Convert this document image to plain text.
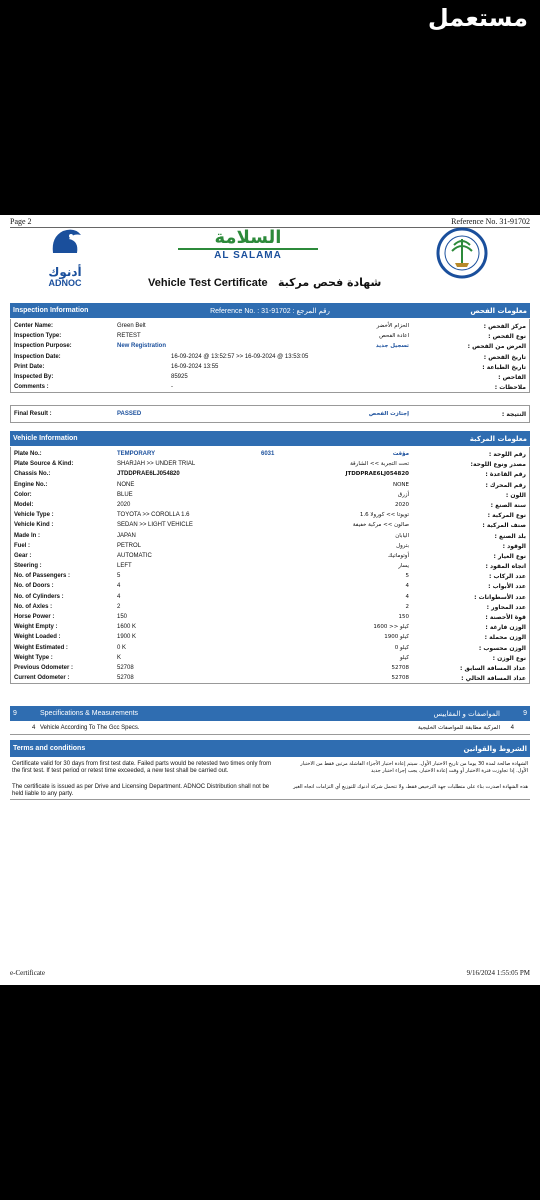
مستعمل
Page 2	Reference No. 31-91702
أدنوك
ADNOC
السلامة
AL SALAMA
Vehicle Test Certificate شهادة فحص مركبة
Inspection Information	Reference No. : 31-91702 : رقم المرجع	معلومات الفحص
Center Name:	Green Belt	الحزام الأخضر	مركز الفحص :
Inspection Type:	RETEST	اعادة الفحص	نوع الفحص :
Inspection Purpose:	New Registration	تسجيل جديد	الغرض من الفحص :
Inspection Date:	16-09-2024 @ 13:52:57 >> 16-09-2024 @ 13:53:05	تاريخ الفحص :
Print Date:	16-09-2024 13:55	تاريخ الطباعة :
Inspected By:	85925	الفاحص :
Comments :	-	ملاحظات :
Final Result :	PASSED	إجتازت الفحص	النتيجة :
Vehicle Information	معلومات المركبة
Plate No.:	TEMPORARY	6031	مؤقت	رقم اللوحة :
Plate Source & Kind:	SHARJAH >> UNDER TRIAL	تحت التجربة >> الشارقة	مصدر ونوع اللوحة:
Chassis No.:	JTDDPRAE6LJ054820	JTDDPRAE6LJ054820	رقم القاعدة :
Engine No.:	NONE	NONE	رقم المحرك :
Color:	BLUE	أزرق	اللون :
Model:	2020	2020	سنة الصنع :
Vehicle Type :	TOYOTA >> COROLLA 1.6	تويوتا >> كورولا 1.6	نوع المركبة :
Vehicle Kind :	SEDAN >> LIGHT VEHICLE	صالون >> مركبة خفيفة	صنف المركبة :
Made In :	JAPAN	اليابان	بلد الصنع :
Fuel :	PETROL	بترول	الوقود :
Gear :	AUTOMATIC	أوتوماتيك	نوع الغيار :
Steering :	LEFT	يسار	اتجاه المقود :
No. of Passengers :	5	5	عدد الركاب :
No. of Doors :	4	4	عدد الأبواب :
No. of Cylinders :	4	4	عدد الأسطوانات :
No. of Axles :	2	2	عدد المحاور :
Horse Power :	150	150	قوة الأحصنة :
Weight Empty :	1600 K	كيلو << 1600	الوزن فارغة :
Weight Loaded :	1900 K	كيلو 1900	الوزن محملة :
Weight Estimated :	0 K	كيلو 0	الوزن محسوب :
Weight Type :	K	كيلو	نوع الوزن :
Previous Odometer :	52708	52708	عداد المسافة السابق :
Current Odometer :	52708	52708	عداد المسافة الحالي :
9	Specifications & Measurements	المواصفات و المقاييس	9
4 Vehicle According To The Gcc Specs.	المركبة مطابقة للمواصفات الخليجية 4
Terms and conditions	الشروط والقوانين
Certificate valid for 30 days from first test date. Failed parts would be retested two times only from the first test. If test period or retest time exceeded, a new test shall be carried out.
الشهادة صالحة لمدة 30 يوما من تاريخ الاختبار الأول. سيتم إعادة اختبار الأجزاء الفاشلة مرتين فقط من الاختبار الأول. إذا تجاوزت فترة الاختبار أو وقت إعادة الاختبار، يجب إجراء اختبار جديد
The certificate is issued as per Drive and Licensing Department. ADNOC Distribution shall not be held liable to any party.
هذه الشهادة اصدرت بناء على متطلبات جهة الترخيص فقط، ولا تتحمل شركة أدنوك للتوزيع أي التزامات اتجاه الغير
e-Certificate	9/16/2024 1:55:05 PM
